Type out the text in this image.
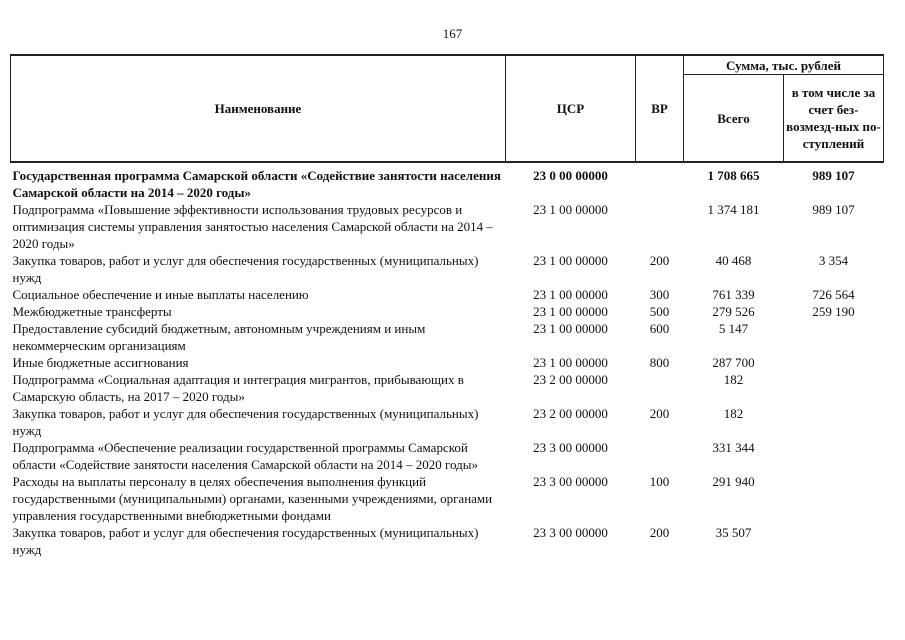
167
Наименование	ЦСР	ВР	Сумма, тыс. рублей	
			Всего	в том числе за счет без-возмезд-ных по-ступлений
Государственная программа Самарской области «Содействие занятости населения Самарской области на 2014 – 2020 годы»	23 0 00 00000		1 708 665	989 107
Подпрограмма «Повышение эффективности использования трудовых ресурсов и оптимизация системы управления занятостью населения Самарской области на 2014 – 2020 годы»	23 1 00 00000		1 374 181	989 107
Закупка товаров, работ и услуг для обеспечения государственных (муниципальных) нужд	23 1 00 00000	200	40 468	3 354
Социальное обеспечение и иные выплаты населению	23 1 00 00000	300	761 339	726 564
Межбюджетные трансферты	23 1 00 00000	500	279 526	259 190
Предоставление субсидий бюджетным, автономным учреждениям и иным некоммерческим организациям	23 1 00 00000	600	5 147	
Иные бюджетные ассигнования	23 1 00 00000	800	287 700	
Подпрограмма «Социальная адаптация и интеграция мигрантов, прибывающих в Самарскую область, на 2017 – 2020 годы»	23 2 00 00000		182	
Закупка товаров, работ и услуг для обеспечения государственных (муниципальных) нужд	23 2 00 00000	200	182	
Подпрограмма «Обеспечение реализации государственной программы Самарской области «Содействие занятости населения Самарской области на 2014 – 2020 годы»	23 3 00 00000		331 344	
Расходы на выплаты персоналу в целях обеспечения выполнения функций государственными (муниципальными) органами, казенными учреждениями, органами управления государственными внебюджетными фондами	23 3 00 00000	100	291 940	
Закупка товаров, работ и услуг для обеспечения государственных (муниципальных) нужд	23 3 00 00000	200	35 507	
